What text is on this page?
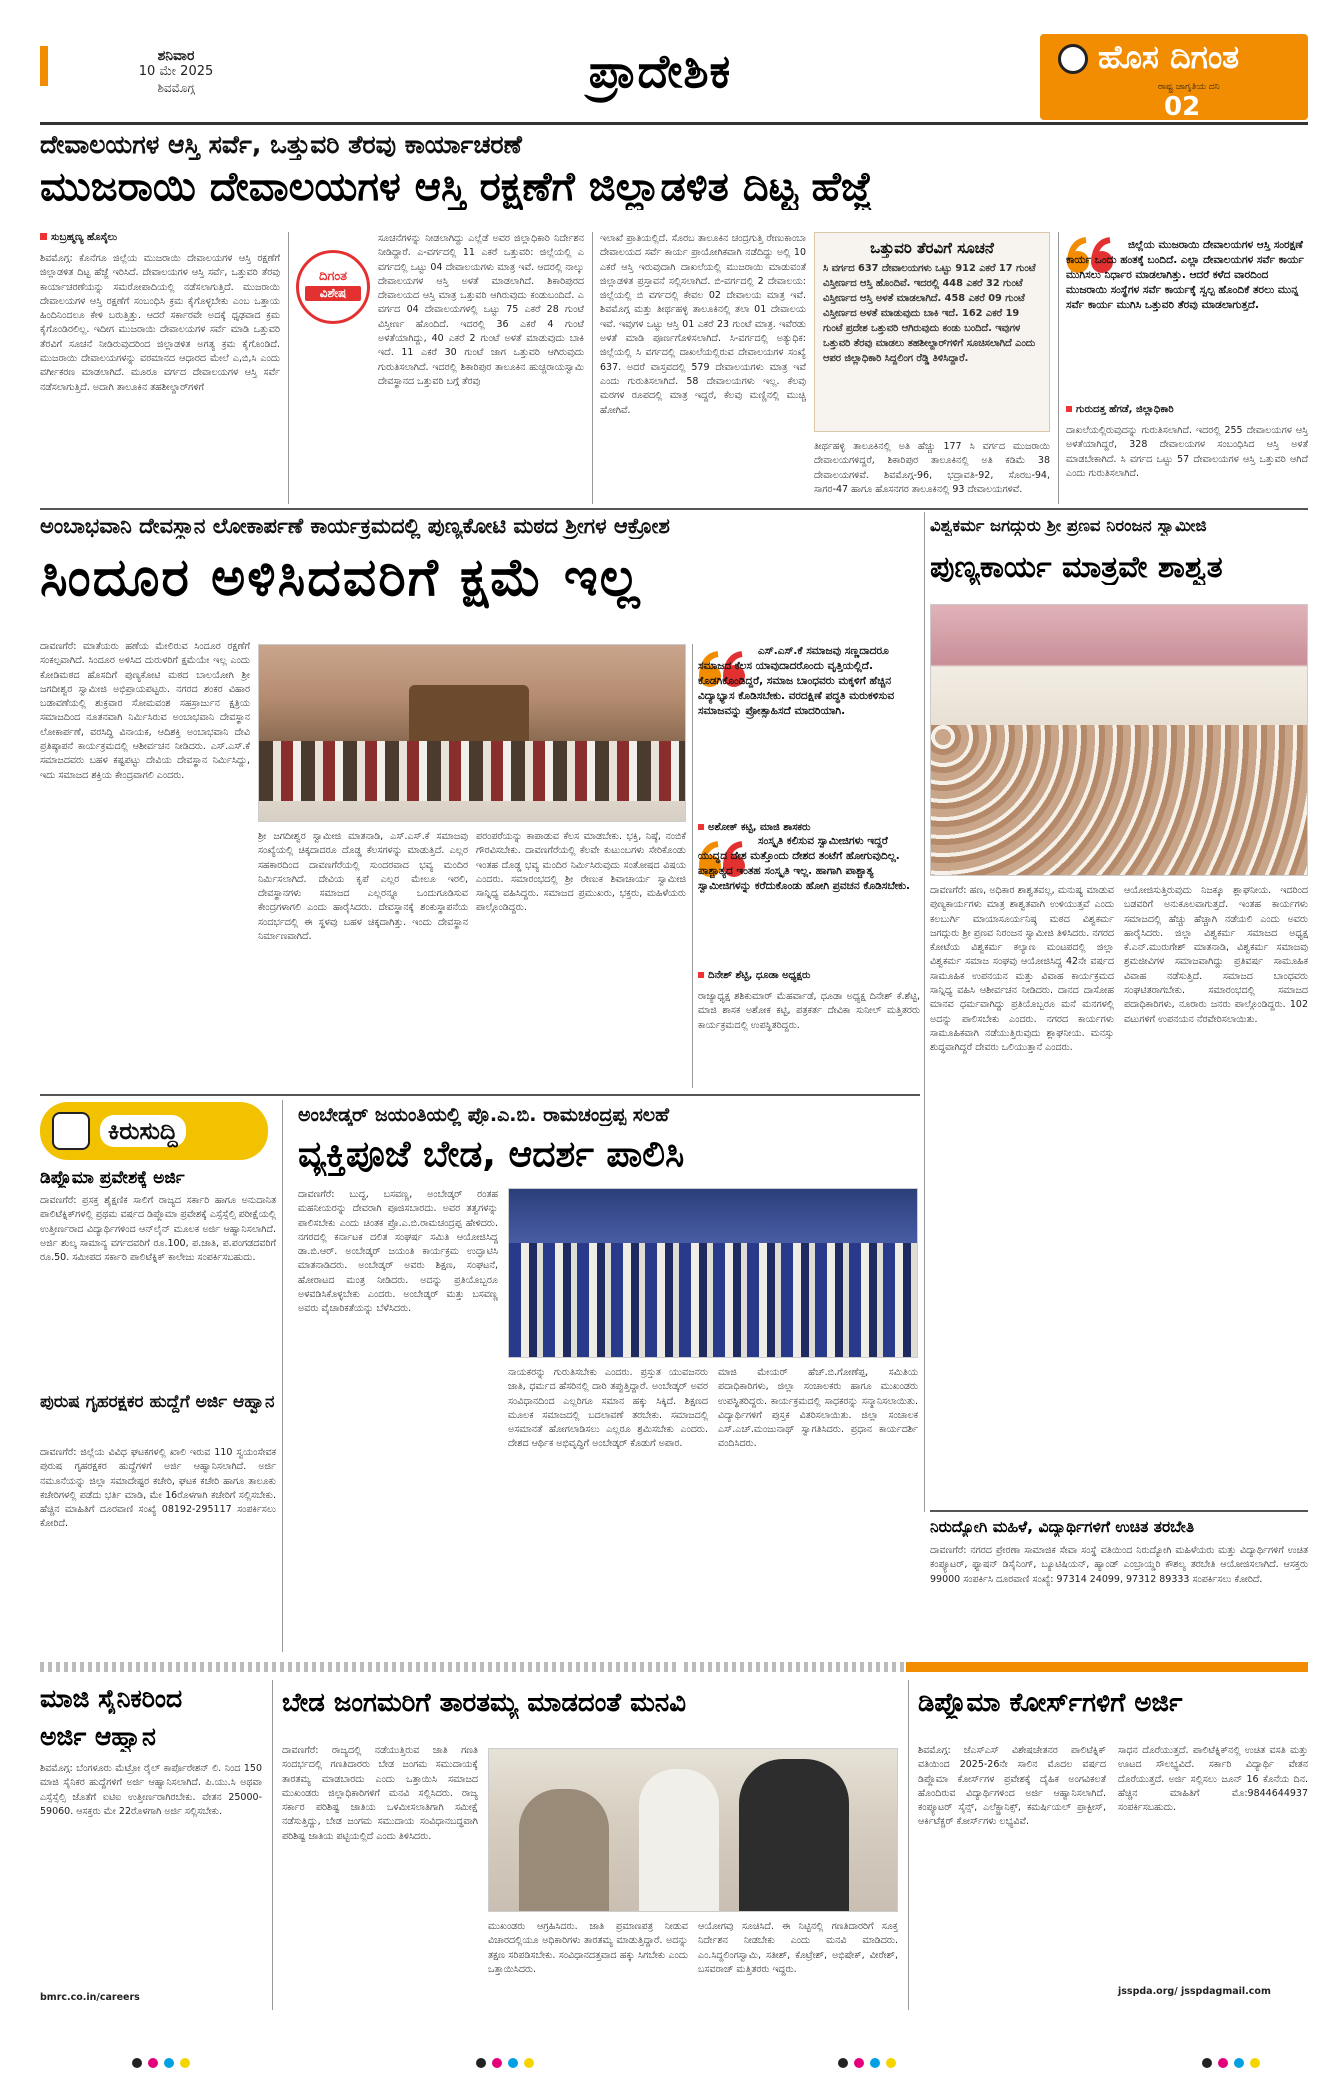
ಶನಿವಾರ
10 ಮೇ 2025
ಶಿವಮೊಗ್ಗ	ಪ್ರಾದೇಶಿಕ	ಹೊಸ ದಿಗಂತ
ರಾಷ್ಟ್ರ ಜಾಗೃತಿಯ ದನಿ
02
ದೇವಾಲಯಗಳ ಆಸ್ತಿ ಸರ್ವೆ, ಒತ್ತುವರಿ ತೆರವು ಕಾರ್ಯಾಚರಣೆ
ಮುಜರಾಯಿ ದೇವಾಲಯಗಳ ಆಸ್ತಿ ರಕ್ಷಣೆಗೆ ಜಿಲ್ಲಾಡಳಿತ ದಿಟ್ಟ ಹೆಜ್ಜೆ
ಸುಬ್ರಹ್ಮಣ್ಯ ಹೊಸೈಲು
ಶಿವಮೊಗ್ಗ: ಕೊನೆಗೂ ಜಿಲ್ಲೆಯ ಮುಜರಾಯಿ ದೇವಾಲಯಗಳ ಆಸ್ತಿ ರಕ್ಷಣೆಗೆ ಜಿಲ್ಲಾಡಳಿತ ದಿಟ್ಟ ಹೆಜ್ಜೆ ಇರಿಸಿದೆ. ದೇವಾಲಯಗಳ ಆಸ್ತಿ ಸರ್ವೆ, ಒತ್ತುವರಿ ತೆರವು ಕಾರ್ಯಾಚರಣೆಯನ್ನು ಸಮರೋಪಾದಿಯಲ್ಲಿ ನಡೆಸಲಾಗುತ್ತಿದೆ. ಮುಜರಾಯಿ ದೇವಾಲಯಗಳ ಆಸ್ತಿ ರಕ್ಷಣೆಗೆ ಸಂಬಂಧಿಸಿ ಕ್ರಮ ಕೈಗೊಳ್ಳಬೇಕು ಎಂಬ ಒತ್ತಾಯ ಹಿಂದಿನಿಂದಲೂ ಕೇಳಿ ಬರುತ್ತಿತ್ತು. ಆದರೆ ಸರ್ಕಾರವೇ ಅದಕ್ಕೆ ಧೃಢವಾದ ಕ್ರಮ ಕೈಗೊಂಡಿರಲಿಲ್ಲ. ಇದೀಗ ಮುಜರಾಯಿ ದೇವಾಲಯಗಳ ಸರ್ವೆ ಮಾಡಿ ಒತ್ತುವರಿ ತೆರವಿಗೆ ಸೂಚನೆ ನೀಡಿರುವುದರಿಂದ ಜಿಲ್ಲಾಡಳಿತ ಅಗತ್ಯ ಕ್ರಮ ಕೈಗೊಂಡಿದೆ. ಮುಜರಾಯಿ ದೇವಾಲಯಗಳನ್ನು ವರಮಾನದ ಆಧಾರದ ಮೇಲೆ ಎ,ಬಿ,ಸಿ ಎಂದು ವರ್ಗೀಕರಣ ಮಾಡಲಾಗಿದೆ. ಮೂರೂ ವರ್ಗದ ದೇವಾಲಯಗಳ ಆಸ್ತಿ ಸರ್ವೆ ನಡೆಸಲಾಗುತ್ತಿದೆ. ಅದಾಗಿ ತಾಲೂಕಿನ ತಹಶೀಲ್ದಾರ್‌ಗಳಿಗೆ
ದಿಗಂತ
ವಿಶೇಷ
ಸೂಚನೆಗಳನ್ನು ನೀಡಲಾಗಿದ್ದು ಎಲ್ಲೆಡೆ ಅವರ ಜಿಲ್ಲಾಧಿಕಾರಿ ನಿರ್ದೇಶನ ನೀಡಿದ್ದಾರೆ. ಎ-ವರ್ಗದಲ್ಲಿ 11 ಎಕರೆ ಒತ್ತುವರಿ: ಜಿಲ್ಲೆಯಲ್ಲಿ ಎ ವರ್ಗದಲ್ಲಿ ಒಟ್ಟು 04 ದೇವಾಲಯಗಳು ಮಾತ್ರ ಇವೆ. ಆದರಲ್ಲಿ ನಾಲ್ಕು ದೇವಾಲಯಗಳ ಆಸ್ತಿ ಅಳತೆ ಮಾಡಲಾಗಿದೆ. ಶಿಕಾರಿಪುರದ ದೇವಾಲಯದ ಆಸ್ತಿ ಮಾತ್ರ ಒತ್ತುವರಿ ಆಗಿರುವುದು ಕಂಡುಬಂದಿದೆ. ಎ ವರ್ಗದ 04 ದೇವಾಲಯಗಳಲ್ಲಿ ಒಟ್ಟು 75 ಎಕರೆ 28 ಗುಂಟೆ ವಿಸ್ತೀರ್ಣ ಹೊಂದಿದೆ. ಇದರಲ್ಲಿ 36 ಎಕರೆ 4 ಗುಂಟೆ ಅಳತೆಯಾಗಿದ್ದು, 40 ಎಕರೆ 2 ಗುಂಟೆ ಅಳತೆ ಮಾಡುವುದು ಬಾಕಿ ಇದೆ. 11 ಎಕರೆ 30 ಗುಂಟೆ ಜಾಗ ಒತ್ತುವರಿ ಆಗಿರುವುದು ಗುರುತಿಸಲಾಗಿದೆ. ಇದರಲ್ಲಿ ಶಿಕಾರಿಪುರ ತಾಲೂಕಿನ ಹುಚ್ಚರಾಯಸ್ವಾಮಿ ದೇವಸ್ಥಾನದ ಒತ್ತುವರಿ ಬಗ್ಗೆ ತೆರವು
ಇಲಾಖೆ ಪ್ರಾತಿಯಲ್ಲಿದೆ. ಸೊರಬ ತಾಲೂಕಿನ ಚಂದ್ರಗುತ್ತಿ ರೇಣುಕಾಂಬಾ ದೇವಾಲಯದ ಸರ್ವೆ ಕಾರ್ಯ ಪ್ರಾಯೋಗಿಕವಾಗಿ ನಡೆದಿದ್ದು ಅಲ್ಲಿ 10 ಎಕರೆ ಆಸ್ತಿ ಇರುವುದಾಗಿ ದಾಖಲೆಯಲ್ಲಿ ಮುಜರಾಯಿ ಮಾಡುವಂತೆ ಜಿಲ್ಲಾಡಳಿತ ಪ್ರಸ್ತಾವನೆ ಸಲ್ಲಿಸಲಾಗಿದೆ. ಬಿ-ವರ್ಗದಲ್ಲಿ 2 ದೇವಾಲಯ: ಜಿಲ್ಲೆಯಲ್ಲಿ ಬಿ ವರ್ಗದಲ್ಲಿ ಕೇವಲ 02 ದೇವಾಲಯ ಮಾತ್ರ ಇವೆ. ಶಿವಮೊಗ್ಗ ಮತ್ತು ತೀರ್ಥಹಳ್ಳಿ ತಾಲೂಕಿನಲ್ಲಿ ತಲಾ 01 ದೇವಾಲಯ ಇವೆ. ಇವುಗಳ ಒಟ್ಟು ಆಸ್ತಿ 01 ಎಕರೆ 23 ಗುಂಟೆ ಮಾತ್ರ. ಇವೆರಡು ಅಳತೆ ಮಾಡಿ ಪೂರ್ಣಗೊಳಿಸಲಾಗಿದೆ. ಸಿ-ವರ್ಗದಲ್ಲಿ ಅತ್ಯುಧಿಕ: ಜಿಲ್ಲೆಯಲ್ಲಿ ಸಿ ವರ್ಗದಲ್ಲಿ ದಾಖಲೆಯಲ್ಲಿರುವ ದೇವಾಲಯಗಳ ಸಂಖ್ಯೆ 637. ಅದರೆ ವಾಸ್ತವದಲ್ಲಿ 579 ದೇವಾಲಯಗಳು ಮಾತ್ರ ಇವೆ ಎಂದು ಗುರುತಿಸಲಾಗಿದೆ. 58 ದೇವಾಲಯಗಳು ಇಲ್ಲ. ಕೆಲವು ಮರಗಳ ರೂಪದಲ್ಲಿ ಮಾತ್ರ ಇದ್ದರೆ, ಕೆಲವು ಮಣ್ಣಿನಲ್ಲಿ ಮುಚ್ಚಿ ಹೋಗಿವೆ.
ಒತ್ತುವರಿ ತೆರವಿಗೆ ಸೂಚನೆ
ಸಿ ವರ್ಗದ 637 ದೇವಾಲಯಗಳು ಒಟ್ಟು 912 ಎಕರೆ 17 ಗುಂಟೆ ವಿಸ್ತೀರ್ಣದ ಆಸ್ತಿ ಹೊಂದಿವೆ. ಇದರಲ್ಲಿ 448 ಎಕರೆ 32 ಗುಂಟೆ ವಿಸ್ತೀರ್ಣದ ಆಸ್ತಿ ಅಳತೆ ಮಾಡಲಾಗಿದೆ. 458 ಎಕರೆ 09 ಗುಂಟೆ ವಿಸ್ತೀರ್ಣದ ಅಳತೆ ಮಾಡುವುದು ಬಾಕಿ ಇದೆ. 162 ಎಕರೆ 19 ಗುಂಟೆ ಪ್ರದೇಶ ಒತ್ತುವರಿ ಆಗಿರುವುದು ಕಂಡು ಬಂದಿದೆ. ಇವುಗಳ ಒತ್ತುವರಿ ತೆರವು ಮಾಡಲು ತಹಶೀಲ್ದಾರ್‌ಗಳಿಗೆ ಸೂಚಿಸಲಾಗಿದೆ ಎಂದು ಆಪರ ಜಿಲ್ಲಾಧಿಕಾರಿ ಸಿದ್ದಲಿಂಗ ರೆಡ್ಡಿ ತಿಳಿಸಿದ್ದಾರೆ.
ತೀರ್ಥಹಳ್ಳಿ ತಾಲೂಕಿನಲ್ಲಿ ಅತಿ ಹೆಚ್ಚು 177 ಸಿ ವರ್ಗದ ಮುಜರಾಯಿ ದೇವಾಲಯಗಳಿದ್ದರೆ, ಶಿಕಾರಿಪುರ ತಾಲೂಕಿನಲ್ಲಿ ಅತಿ ಕಡಿಮೆ 38 ದೇವಾಲಯಗಳಿವೆ. ಶಿವಮೊಗ್ಗ-96, ಭದ್ರಾವತಿ-92, ಸೊರಬ-94, ಸಾಗರ-47 ಹಾಗೂ ಹೊಸನಗರ ತಾಲೂಕಿನಲ್ಲಿ 93 ದೇವಾಲಯಗಳಿವೆ.
ಜಿಲ್ಲೆಯ ಮುಜರಾಯಿ ದೇವಾಲಯಗಳ ಆಸ್ತಿ ಸಂರಕ್ಷಣೆ ಕಾರ್ಯ ಒಂದು ಹಂತಕ್ಕೆ ಬಂದಿದೆ. ಎಲ್ಲಾ ದೇವಾಲಯಗಳ ಸರ್ವೆ ಕಾರ್ಯ ಮುಗಿಸಲು ನಿರ್ಧಾರ ಮಾಡಲಾಗಿತ್ತು. ಆದರೆ ಕಳೆದ ವಾರದಿಂದ ಮುಜರಾಯಿ ಸಂಸ್ಥೆಗಳ ಸರ್ವೆ ಕಾರ್ಯಕ್ಕೆ ಸ್ವಲ್ಪ ಹೊಂದಿಕೆ ತರಲು ಮುನ್ನ ಸರ್ವೆ ಕಾರ್ಯ ಮುಗಿಸಿ ಒತ್ತುವರಿ ತೆರವು ಮಾಡಲಾಗುತ್ತದೆ.
ಗುರುದತ್ತ ಹೆಗಡೆ, ಜಿಲ್ಲಾಧಿಕಾರಿ
ದಾಖಲೆಯಲ್ಲಿರುವುದನ್ನು ಗುರುತಿಸಲಾಗಿದೆ. ಇದರಲ್ಲಿ 255 ದೇವಾಲಯಗಳ ಆಸ್ತಿ ಅಳತೆಯಾಗಿದ್ದರೆ, 328 ದೇವಾಲಯಗಳ ಸಂಬಂಧಿಸಿದ ಆಸ್ತಿ ಅಳತೆ ಮಾಡಬೇಕಾಗಿದೆ. ಸಿ ವರ್ಗದ ಒಟ್ಟು 57 ದೇವಾಲಯಗಳ ಆಸ್ತಿ ಒತ್ತುವರಿ ಆಗಿದೆ ಎಂದು ಗುರುತಿಸಲಾಗಿದೆ.
ಅಂಬಾಭವಾನಿ ದೇವಸ್ಥಾನ ಲೋಕಾರ್ಪಣೆ ಕಾರ್ಯಕ್ರಮದಲ್ಲಿ ಪುಣ್ಯಕೋಟಿ ಮಠದ ಶ್ರೀಗಳ ಆಕ್ರೋಶ
ಸಿಂದೂರ ಅಳಿಸಿದವರಿಗೆ ಕ್ಷಮೆ ಇಲ್ಲ
ದಾವಣಗೆರೆ: ಮಾತೆಯರು ಹಣೆಯ ಮೇಲಿರುವ ಸಿಂದೂರ ರಕ್ಷಣೆಗೆ ಸಂಕಲ್ಪವಾಗಿದೆ. ಸಿಂದೂರ ಅಳಿಸಿದ ದುರುಳರಿಗೆ ಕ್ಷಮೆಯೇ ಇಲ್ಲ ಎಂದು ಕೋಡಿಮಠದ ಹೊಸದಿಗೆ ಪುಣ್ಯಕೋಟಿ ಮಠದ ಬಾಲಯೋಗಿ ಶ್ರೀ ಜಗದೀಶ್ವರ ಸ್ವಾಮೀಜಿ ಅಭಿಪ್ರಾಯಪಟ್ಟರು. ನಗರದ ಶಂಕರ ವಿಹಾರ ಬಡಾವಣೆಯಲ್ಲಿ ಶುಕ್ರವಾರ ಸೋಮವಂಶ ಸಹಸ್ರಾರ್ಜುನ ಕ್ಷತ್ರಿಯ ಸಮಾಜದಿಂದ ನೂತನವಾಗಿ ನಿರ್ಮಿಸಿರುವ ಅಂಬಾಭವಾನಿ ದೇವಸ್ಥಾನ ಲೋಕಾರ್ಪಣೆ, ವರಸಿದ್ಧಿ ವಿನಾಯಕ, ಆದಿಶಕ್ತಿ ಅಂಬಾಭವಾನಿ ದೇವಿ ಪ್ರತಿಷ್ಠಾಪನೆ ಕಾರ್ಯಕ್ರಮದಲ್ಲಿ ಆಶೀರ್ವಚನ ನೀಡಿದರು. ಎಸ್.ಎಸ್.ಕೆ ಸಮಾಜದವರು ಬಹಳ ಕಷ್ಟಪಟ್ಟು ದೇವಿಯ ದೇವಸ್ಥಾನ ನಿರ್ಮಿಸಿದ್ದು, ಇದು ಸಮಾಜದ ಶಕ್ತಿಯ ಕೇಂದ್ರವಾಗಲಿ ಎಂದರು.
ಶ್ರೀ ಜಗದೀಶ್ವರ ಸ್ವಾಮೀಜಿ ಮಾತನಾಡಿ, ಎಸ್.ಎಸ್.ಕೆ ಸಮಾಜವು ಸಂಖ್ಯೆಯಲ್ಲಿ ಚಿಕ್ಕದಾದರೂ ದೊಡ್ಡ ಕೆಲಸಗಳನ್ನು ಮಾಡುತ್ತಿದೆ. ಎಲ್ಲರ ಸಹಕಾರದಿಂದ ದಾವಣಗೆರೆಯಲ್ಲಿ ಸುಂದರವಾದ ಭವ್ಯ ಮಂದಿರ ನಿರ್ಮಿಸಲಾಗಿದೆ. ದೇವಿಯ ಕೃಪೆ ಎಲ್ಲರ ಮೇಲೂ ಇರಲಿ, ದೇವಸ್ಥಾನಗಳು ಸಮಾಜದ ಎಲ್ಲರನ್ನೂ ಒಂದುಗೂಡಿಸುವ ಕೇಂದ್ರಗಳಾಗಲಿ ಎಂದು ಹಾರೈಸಿದರು. ದೇವಸ್ಥಾನಕ್ಕೆ ಶಂಕುಸ್ಥಾಪನೆಯ ಸಂದರ್ಭದಲ್ಲಿ ಈ ಸ್ಥಳವು ಬಹಳ ಚಿಕ್ಕದಾಗಿತ್ತು. ಇಂದು ದೇವಸ್ಥಾನ ನಿರ್ಮಾಣವಾಗಿದೆ.
ಪರಂಪರೆಯನ್ನು ಕಾಪಾಡುವ ಕೆಲಸ ಮಾಡಬೇಕು. ಭಕ್ತಿ, ನಿಷ್ಠೆ, ನಂಬಿಕೆ ಗೌರವಿಸಬೇಕು. ದಾವಣಗೆರೆಯಲ್ಲಿ ಕೆಲವೇ ಕುಟುಂಬಗಳು ಸೇರಿಕೊಂಡು ಇಂತಹ ದೊಡ್ಡ ಭವ್ಯ ಮಂದಿರ ನಿರ್ಮಿಸಿರುವುದು ಸಂತೋಷದ ವಿಷಯ ಎಂದರು. ಸಮಾರಂಭದಲ್ಲಿ ಶ್ರೀ ರೇಣುಕ ಶಿವಾಚಾರ್ಯ ಸ್ವಾಮೀಜಿ ಸಾನ್ನಿಧ್ಯ ವಹಿಸಿದ್ದರು. ಸಮಾಜದ ಪ್ರಮುಖರು, ಭಕ್ತರು, ಮಹಿಳೆಯರು ಪಾಲ್ಗೊಂಡಿದ್ದರು.
ಎಸ್.ಎಸ್.ಕೆ ಸಮಾಜವು ಸಣ್ಣದಾದರೂ ಸಮಾಜದ ಕೆಲಸ ಯಾವುದಾದರೊಂದು ವೃತ್ತಿಯಲ್ಲಿದೆ. ಕೊಡಗಿಕೊಂಡಿದ್ದರೆ, ಸಮಾಜ ಬಾಂಧವರು ಮಕ್ಕಳಿಗೆ ಹೆಚ್ಚಿನ ವಿದ್ಯಾಭ್ಯಾಸ ಕೊಡಿಸಬೇಕು. ವರದಕ್ಷಿಣೆ ಪದ್ಧತಿ ಮರುಕಳಿಸುವ ಸಮಾಜವನ್ನು ಪ್ರೋತ್ಸಾಹಿಸದೆ ಮಾದರಿಯಾಗಿ.
ಅಶೋಕ್ ಕಟ್ಟಿ, ಮಾಜಿ ಶಾಸಕರು
ಸಂಸ್ಕೃತಿ ಕಲಿಸುವ ಸ್ವಾಮೀಜಿಗಳು ಇದ್ದರೆ ಯುದ್ಧದ ದೇಶ ಮತ್ತೊಂದು ದೇಶದ ತಂಟೆಗೆ ಹೋಗುವುದಿಲ್ಲ. ಪಾಶ್ಚಾತ್ಯದ ಇಂತಹ ಸಂಸ್ಕೃತಿ ಇಲ್ಲ. ಹಾಗಾಗಿ ಪಾಶ್ಚಾತ್ಯ ಸ್ವಾಮೀಜಿಗಳನ್ನು ಕರೆದುಕೊಂಡು ಹೋಗಿ ಪ್ರವಚನ ಕೊಡಿಸಬೇಕು.
ದಿನೇಶ್ ಶೆಟ್ಟಿ, ಧೂಡಾ ಅಧ್ಯಕ್ಷರು
ರಾಜ್ಯಾಧ್ಯಕ್ಷ ಶಶಿಕುಮಾರ್ ಮೆಹರ್ವಾಡೆ, ಧೂಡಾ ಅಧ್ಯಕ್ಷ ದಿನೇಶ್ ಕೆ.ಶೆಟ್ಟಿ, ಮಾಜಿ ಶಾಸಕ ಅಶೋಕ ಕಟ್ಟಿ, ಪತ್ರಕರ್ತ ದೇವಿಕಾ ಸುನೀಲ್ ಮತ್ತಿತರರು ಕಾರ್ಯಕ್ರಮದಲ್ಲಿ ಉಪಸ್ಥಿತರಿದ್ದರು.
ವಿಶ್ವಕರ್ಮ ಜಗದ್ಗುರು ಶ್ರೀ ಪ್ರಣವ ನಿರಂಜನ ಸ್ವಾಮೀಜಿ
ಪುಣ್ಯಕಾರ್ಯ ಮಾತ್ರವೇ ಶಾಶ್ವತ
ದಾವಣಗೆರೆ: ಹಣ, ಅಧಿಕಾರ ಶಾಶ್ವತವಲ್ಲ, ಮನುಷ್ಯ ಮಾಡುವ ಪುಣ್ಯಕಾರ್ಯಗಳು ಮಾತ್ರ ಶಾಶ್ವತವಾಗಿ ಉಳಿಯುತ್ತವೆ ಎಂದು ಕಲಬುರ್ಗಿ ಮಾಯಾಸೂರ್ಯನಿಷ್ಠ ಮಠದ ವಿಶ್ವಕರ್ಮ ಜಗದ್ಗುರು ಶ್ರೀ ಪ್ರಣವ ನಿರಂಜನ ಸ್ವಾಮೀಜಿ ತಿಳಿಸಿದರು. ನಗರದ ಕೋಟೆಯ ವಿಶ್ವಕರ್ಮ ಕಲ್ಯಾಣ ಮಂಟಪದಲ್ಲಿ ಜಿಲ್ಲಾ ವಿಶ್ವಕರ್ಮ ಸಮಾಜ ಸಂಘವು ಆಯೋಜಿಸಿದ್ದ 42ನೇ ವರ್ಷದ ಸಾಮೂಹಿಕ ಉಪನಯನ ಮತ್ತು ವಿವಾಹ ಕಾರ್ಯಕ್ರಮದ ಸಾನ್ನಿಧ್ಯ ವಹಿಸಿ ಆಶೀರ್ವಚನ ನೀಡಿದರು. ದಾನದ ದಾಸೋಹ ಮಾನವ ಧರ್ಮವಾಗಿದ್ದು ಪ್ರತಿಯೊಬ್ಬರೂ ಮನೆ ಮನಗಳಲ್ಲಿ ಅದನ್ನು ಪಾಲಿಸಬೇಕು ಎಂದರು. ನಗರದ ಕಾರ್ಯಗಳು ಸಾಮೂಹಿಕವಾಗಿ ನಡೆಯುತ್ತಿರುವುದು ಶ್ಲಾಘನೀಯ. ಮನಸ್ಸು ಶುದ್ಧವಾಗಿದ್ದರೆ ದೇವರು ಒಲಿಯುತ್ತಾನೆ ಎಂದರು.
ಆಯೋಜಿಸುತ್ತಿರುವುದು ನಿಜಕ್ಕೂ ಶ್ಲಾಘನೀಯ. ಇದರಿಂದ ಬಡವರಿಗೆ ಅನುಕೂಲವಾಗುತ್ತದೆ. ಇಂತಹ ಕಾರ್ಯಗಳು ಸಮಾಜದಲ್ಲಿ ಹೆಚ್ಚು ಹೆಚ್ಚಾಗಿ ನಡೆಯಲಿ ಎಂದು ಅವರು ಹಾರೈಸಿದರು. ಜಿಲ್ಲಾ ವಿಶ್ವಕರ್ಮ ಸಮಾಜದ ಅಧ್ಯಕ್ಷ ಕೆ.ಎನ್.ಮುರುಗೇಶ್ ಮಾತನಾಡಿ, ವಿಶ್ವಕರ್ಮ ಸಮಾಜವು ಶ್ರಮಜೀವಿಗಳ ಸಮಾಜವಾಗಿದ್ದು ಪ್ರತಿವರ್ಷ ಸಾಮೂಹಿಕ ವಿವಾಹ ನಡೆಸುತ್ತಿದೆ. ಸಮಾಜದ ಬಾಂಧವರು ಸಂಘಟಿತರಾಗಬೇಕು. ಸಮಾರಂಭದಲ್ಲಿ ಸಮಾಜದ ಪದಾಧಿಕಾರಿಗಳು, ನೂರಾರು ಜನರು ಪಾಲ್ಗೊಂಡಿದ್ದರು. 102 ವಟುಗಳಿಗೆ ಉಪನಯನ ನೆರವೇರಿಸಲಾಯಿತು.
ಕಿರುಸುದ್ದಿ
ಡಿಪ್ಲೊಮಾ ಪ್ರವೇಶಕ್ಕೆ ಅರ್ಜಿ
ದಾವಣಗೆರೆ: ಪ್ರಸಕ್ತ ಶೈಕ್ಷಣಿಕ ಸಾಲಿಗೆ ರಾಜ್ಯದ ಸರ್ಕಾರಿ ಹಾಗೂ ಅನುದಾನಿತ ಪಾಲಿಟೆಕ್ನಿಕ್‌ಗಳಲ್ಲಿ ಪ್ರಥಮ ವರ್ಷದ ಡಿಪ್ಲೊಮಾ ಪ್ರವೇಶಕ್ಕೆ ಎಸ್ಸೆಸ್ಸೆಲ್ಸಿ ಪರೀಕ್ಷೆಯಲ್ಲಿ ಉತ್ತೀರ್ಣರಾದ ವಿದ್ಯಾರ್ಥಿಗಳಿಂದ ಆನ್‌ಲೈನ್ ಮೂಲಕ ಅರ್ಜಿ ಆಹ್ವಾನಿಸಲಾಗಿದೆ. ಅರ್ಜಿ ಶುಲ್ಕ ಸಾಮಾನ್ಯ ವರ್ಗದವರಿಗೆ ರೂ.100, ಪ.ಜಾತಿ, ಪ.ಪಂಗಡದವರಿಗೆ ರೂ.50. ಸಮೀಪದ ಸರ್ಕಾರಿ ಪಾಲಿಟೆಕ್ನಿಕ್ ಕಾಲೇಜು ಸಂಪರ್ಕಿಸಬಹುದು.
ಪುರುಷ ಗೃಹರಕ್ಷಕರ ಹುದ್ದೆಗೆ ಅರ್ಜಿ ಆಹ್ವಾನ
ದಾವಣಗೆರೆ: ಜಿಲ್ಲೆಯ ವಿವಿಧ ಘಟಕಗಳಲ್ಲಿ ಖಾಲಿ ಇರುವ 110 ಸ್ವಯಂಸೇವಕ ಪುರುಷ ಗೃಹರಕ್ಷಕರ ಹುದ್ದೆಗಳಿಗೆ ಅರ್ಜಿ ಆಹ್ವಾನಿಸಲಾಗಿದೆ. ಅರ್ಜಿ ನಮೂನೆಯನ್ನು ಜಿಲ್ಲಾ ಸಮಾದೇಷ್ಟರ ಕಚೇರಿ, ಘಟಕ ಕಚೇರಿ ಹಾಗೂ ತಾಲೂಕು ಕಚೇರಿಗಳಲ್ಲಿ ಪಡೆದು ಭರ್ತಿ ಮಾಡಿ, ಮೇ 16ರೊಳಗಾಗಿ ಕಚೇರಿಗೆ ಸಲ್ಲಿಸಬೇಕು. ಹೆಚ್ಚಿನ ಮಾಹಿತಿಗೆ ದೂರವಾಣಿ ಸಂಖ್ಯೆ 08192-295117 ಸಂಪರ್ಕಿಸಲು ಕೋರಿದೆ.
ಅಂಬೇಡ್ಕರ್ ಜಯಂತಿಯಲ್ಲಿ ಪ್ರೊ.ಎ.ಬಿ. ರಾಮಚಂದ್ರಪ್ಪ ಸಲಹೆ
ವ್ಯಕ್ತಿಪೂಜೆ ಬೇಡ, ಆದರ್ಶ ಪಾಲಿಸಿ
ದಾವಣಗೆರೆ: ಬುದ್ಧ, ಬಸವಣ್ಣ, ಅಂಬೇಡ್ಕರ್ ರಂತಹ ಮಹನೀಯರನ್ನು ದೇವರಾಗಿ ಪೂಜಿಸಬಾರದು. ಅವರ ತತ್ವಗಳನ್ನು ಪಾಲಿಸಬೇಕು ಎಂದು ಚಿಂತಕ ಪ್ರೊ.ಎ.ಬಿ.ರಾಮಚಂದ್ರಪ್ಪ ಹೇಳಿದರು. ನಗರದಲ್ಲಿ ಕರ್ನಾಟಕ ದಲಿತ ಸಂಘರ್ಷ ಸಮಿತಿ ಆಯೋಜಿಸಿದ್ದ ಡಾ.ಬಿ.ಆರ್. ಅಂಬೇಡ್ಕರ್ ಜಯಂತಿ ಕಾರ್ಯಕ್ರಮ ಉದ್ಘಾಟಿಸಿ ಮಾತನಾಡಿದರು. ಅಂಬೇಡ್ಕರ್ ಅವರು ಶಿಕ್ಷಣ, ಸಂಘಟನೆ, ಹೋರಾಟದ ಮಂತ್ರ ನೀಡಿದರು. ಅದನ್ನು ಪ್ರತಿಯೊಬ್ಬರೂ ಅಳವಡಿಸಿಕೊಳ್ಳಬೇಕು ಎಂದರು. ಅಂಬೇಡ್ಕರ್ ಮತ್ತು ಬಸವಣ್ಣ ಅವರು ವೈಚಾರಿಕತೆಯನ್ನು ಬೆಳೆಸಿದರು.
ನಾಯಕರನ್ನು ಗುರುತಿಸಬೇಕು ಎಂದರು. ಪ್ರಸ್ತುತ ಯುವಜನರು ಜಾತಿ, ಧರ್ಮದ ಹೆಸರಿನಲ್ಲಿ ದಾರಿ ತಪ್ಪುತ್ತಿದ್ದಾರೆ. ಅಂಬೇಡ್ಕರ್ ಅವರ ಸಂವಿಧಾನದಿಂದ ಎಲ್ಲರಿಗೂ ಸಮಾನ ಹಕ್ಕು ಸಿಕ್ಕಿದೆ. ಶಿಕ್ಷಣದ ಮೂಲಕ ಸಮಾಜದಲ್ಲಿ ಬದಲಾವಣೆ ತರಬೇಕು. ಸಮಾಜದಲ್ಲಿ ಅಸಮಾನತೆ ಹೋಗಲಾಡಿಸಲು ಎಲ್ಲರೂ ಶ್ರಮಿಸಬೇಕು ಎಂದರು. ದೇಶದ ಆರ್ಥಿಕ ಅಭಿವೃದ್ಧಿಗೆ ಅಂಬೇಡ್ಕರ್ ಕೊಡುಗೆ ಅಪಾರ.
ಮಾಜಿ ಮೇಯರ್ ಹೆಚ್.ಬಿ.ಗೋಣೆಪ್ಪ, ಸಮಿತಿಯ ಪದಾಧಿಕಾರಿಗಳು, ಜಿಲ್ಲಾ ಸಂಚಾಲಕರು ಹಾಗೂ ಮುಖಂಡರು ಉಪಸ್ಥಿತರಿದ್ದರು. ಕಾರ್ಯಕ್ರಮದಲ್ಲಿ ಸಾಧಕರನ್ನು ಸನ್ಮಾನಿಸಲಾಯಿತು. ವಿದ್ಯಾರ್ಥಿಗಳಿಗೆ ಪುಸ್ತಕ ವಿತರಿಸಲಾಯಿತು. ಜಿಲ್ಲಾ ಸಂಚಾಲಕ ಎಸ್.ಎಚ್.ಮಂಜುನಾಥ್ ಸ್ವಾಗತಿಸಿದರು. ಪ್ರಧಾನ ಕಾರ್ಯದರ್ಶಿ ವಂದಿಸಿದರು.
ನಿರುದ್ಯೋಗಿ ಮಹಿಳೆ, ವಿದ್ಯಾರ್ಥಿಗಳಿಗೆ ಉಚಿತ ತರಬೇತಿ
ದಾವಣಗೆರೆ: ನಗರದ ಪ್ರೇರಣಾ ಸಾಮಾಜಿಕ ಸೇವಾ ಸಂಸ್ಥೆ ವತಿಯಿಂದ ನಿರುದ್ಯೋಗಿ ಮಹಿಳೆಯರು ಮತ್ತು ವಿದ್ಯಾರ್ಥಿಗಳಿಗೆ ಉಚಿತ ಕಂಪ್ಯೂಟರ್, ಫ್ಯಾಷನ್ ಡಿಸೈನಿಂಗ್, ಬ್ಯೂಟಿಷಿಯನ್, ಹ್ಯಾಂಡ್ ಎಂಬ್ರಾಯ್ಡರಿ ಕೌಶಲ್ಯ ತರಬೇತಿ ಆಯೋಜಿಸಲಾಗಿದೆ. ಆಸಕ್ತರು 99000 ಸಂಪರ್ಕಿಸಿ ದೂರವಾಣಿ ಸಂಖ್ಯೆ: 97314 24099, 97312 89333 ಸಂಪರ್ಕಿಸಲು ಕೋರಿದೆ.
ಮಾಜಿ ಸೈನಿಕರಿಂದ
ಅರ್ಜಿ ಆಹ್ವಾನ
ಶಿವಮೊಗ್ಗ: ಬೆಂಗಳೂರು ಮೆಟ್ರೋ ರೈಲ್ ಕಾರ್ಪೊರೇಶನ್ ಲಿ. ನಿಂದ 150 ಮಾಜಿ ಸೈನಿಕರ ಹುದ್ದೆಗಳಿಗೆ ಅರ್ಜಿ ಆಹ್ವಾನಿಸಲಾಗಿದೆ. ಪಿ.ಯು.ಸಿ ಅಥವಾ ಎಸ್ಸೆಸ್ಸೆಲ್ಸಿ ಜೊತೆಗೆ ಐಟಿಐ ಉತ್ತೀರ್ಣರಾಗಿರಬೇಕು. ವೇತನ 25000-59060. ಆಸಕ್ತರು ಮೇ 22ರೊಳಗಾಗಿ ಅರ್ಜಿ ಸಲ್ಲಿಸಬೇಕು.
bmrc.co.in/careers
ಬೇಡ ಜಂಗಮರಿಗೆ ತಾರತಮ್ಯ ಮಾಡದಂತೆ ಮನವಿ
ದಾವಣಗೆರೆ: ರಾಜ್ಯದಲ್ಲಿ ನಡೆಯುತ್ತಿರುವ ಜಾತಿ ಗಣತಿ ಸಂದರ್ಭದಲ್ಲಿ ಗಣತಿದಾರರು ಬೇಡ ಜಂಗಮ ಸಮುದಾಯಕ್ಕೆ ತಾರತಮ್ಯ ಮಾಡಬಾರದು ಎಂದು ಒತ್ತಾಯಿಸಿ ಸಮಾಜದ ಮುಖಂಡರು ಜಿಲ್ಲಾಧಿಕಾರಿಗಳಿಗೆ ಮನವಿ ಸಲ್ಲಿಸಿದರು. ರಾಜ್ಯ ಸರ್ಕಾರ ಪರಿಶಿಷ್ಟ ಜಾತಿಯ ಒಳಮೀಸಲಾತಿಗಾಗಿ ಸಮೀಕ್ಷೆ ನಡೆಸುತ್ತಿದ್ದು, ಬೇಡ ಜಂಗಮ ಸಮುದಾಯ ಸಂವಿಧಾನಬದ್ಧವಾಗಿ ಪರಿಶಿಷ್ಟ ಜಾತಿಯ ಪಟ್ಟಿಯಲ್ಲಿದೆ ಎಂದು ತಿಳಿಸಿದರು.
ಮುಖಂಡರು ಆಗ್ರಹಿಸಿದರು. ಜಾತಿ ಪ್ರಮಾಣಪತ್ರ ನೀಡುವ ವಿಚಾರದಲ್ಲಿಯೂ ಅಧಿಕಾರಿಗಳು ತಾರತಮ್ಯ ಮಾಡುತ್ತಿದ್ದಾರೆ. ಅದನ್ನು ತಕ್ಷಣ ಸರಿಪಡಿಸಬೇಕು. ಸಂವಿಧಾನದತ್ತವಾದ ಹಕ್ಕು ಸಿಗಬೇಕು ಎಂದು ಒತ್ತಾಯಿಸಿದರು.
ಆಯೋಗವು ಸೂಚಿಸಿದೆ. ಈ ನಿಟ್ಟಿನಲ್ಲಿ ಗಣತಿದಾರರಿಗೆ ಸೂಕ್ತ ನಿರ್ದೇಶನ ನೀಡಬೇಕು ಎಂದು ಮನವಿ ಮಾಡಿದರು. ಎಂ.ಸಿದ್ದಲಿಂಗಸ್ವಾಮಿ, ಸತೀಶ್, ಕೊಟ್ರೇಶ್, ಅಭಿಷೇಕ್, ವೀರೇಶ್, ಬಸವರಾಜ್ ಮತ್ತಿತರರು ಇದ್ದರು.
ಡಿಪ್ಲೊಮಾ ಕೋರ್ಸ್‌ಗಳಿಗೆ ಅರ್ಜಿ
ಶಿವಮೊಗ್ಗ: ಜೆಎಸ್‌ಎಸ್ ವಿಶೇಷಚೇತನರ ಪಾಲಿಟೆಕ್ನಿಕ್ ವತಿಯಿಂದ 2025-26ನೇ ಸಾಲಿನ ಮೊದಲ ವರ್ಷದ ಡಿಪ್ಲೊಮಾ ಕೋರ್ಸ್‌ಗಳ ಪ್ರವೇಶಕ್ಕೆ ದೈಹಿಕ ಅಂಗವಿಕಲತೆ ಹೊಂದಿರುವ ವಿದ್ಯಾರ್ಥಿಗಳಿಂದ ಅರ್ಜಿ ಆಹ್ವಾನಿಸಲಾಗಿದೆ. ಕಂಪ್ಯೂಟರ್ ಸೈನ್ಸ್, ಎಲೆಕ್ಟ್ರಾನಿಕ್ಸ್, ಕಮರ್ಷಿಯಲ್ ಪ್ರಾಕ್ಟೀಸ್, ಆರ್ಕಿಟೆಕ್ಚರ್ ಕೋರ್ಸ್‌ಗಳು ಲಭ್ಯವಿವೆ.
ಸಾಧನ ದೊರೆಯುತ್ತದೆ. ಪಾಲಿಟೆಕ್ನಿಕ್‌ನಲ್ಲಿ ಉಚಿತ ವಸತಿ ಮತ್ತು ಊಟದ ಸೌಲಭ್ಯವಿದೆ. ಸರ್ಕಾರಿ ವಿದ್ಯಾರ್ಥಿ ವೇತನ ದೊರೆಯುತ್ತದೆ. ಅರ್ಜಿ ಸಲ್ಲಿಸಲು ಜೂನ್ 16 ಕೊನೆಯ ದಿನ. ಹೆಚ್ಚಿನ ಮಾಹಿತಿಗೆ ಮೊ:9844644937 ಸಂಪರ್ಕಿಸಬಹುದು.
jsspda.org/ jsspdagmail.com
